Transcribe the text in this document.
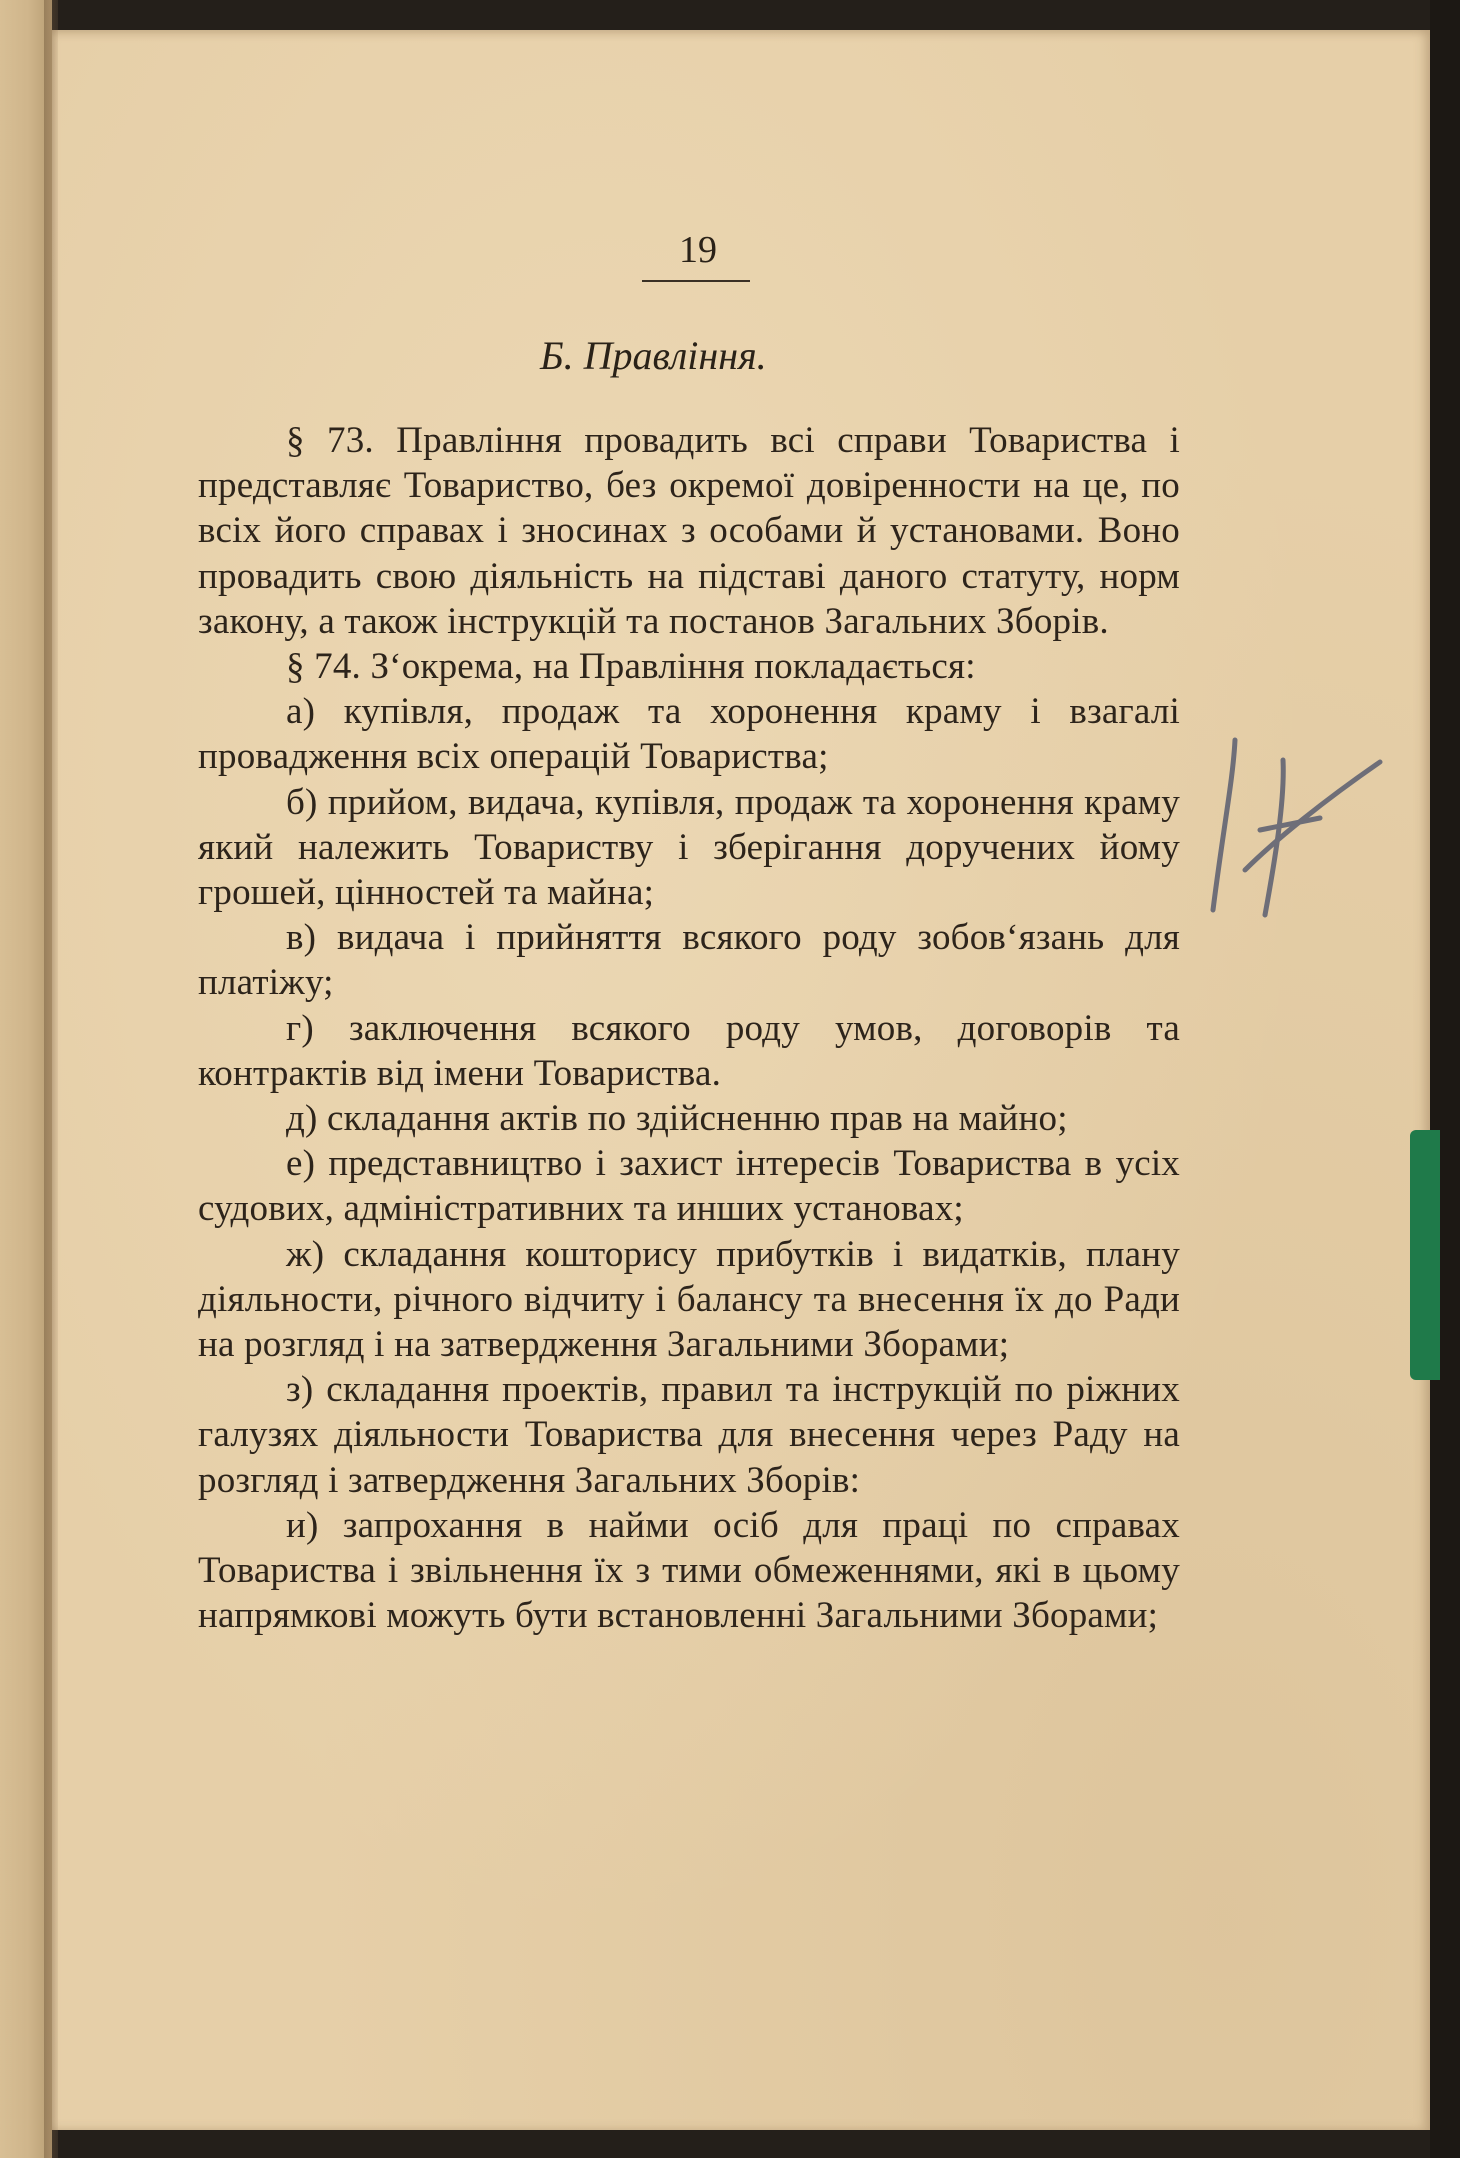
19
Б. Правління.

§ 73. Правління провадить всі справи Товариства і представляє Товариство, без окремої довіренности на це, по всіх його справах і зносинах з особами й установами. Воно провадить свою діяльність на підставі даного статуту, норм закону, а також інструкцій та постанов Загальних Зборів.

§ 74. З‘окрема, на Правління покладається:

а) купівля, продаж та хоронення краму і взагалі провадження всіх операцій Товариства;

б) прийом, видача, купівля, продаж та хоронення краму який належить Товариству і зберігання доручених йому грошей, цінностей та майна;

в) видача і прийняття всякого роду зобов‘язань для платіжу;

г) заключення всякого роду умов, договорів та контрактів від імени Товариства.

д) складання актів по здійсненню прав на майно;

е) представництво і захист інтересів Товариства в усіх судових, адміністративних та инших установах;

ж) складання кошторису прибутків і видатків, плану діяльности, річного відчиту і балансу та внесення їх до Ради на розгляд і на затвердження Загальними Зборами;

з) складання проектів, правил та інструкцій по ріжних галузях діяльности Товариства для внесення через Раду на розгляд і затвердження Загальних Зборів:

и) запрохання в найми осіб для праці по справах Товариства і звільнення їх з тими обмеженнями, які в цьому напрямкові можуть бути встановленні Загальними Зборами;
